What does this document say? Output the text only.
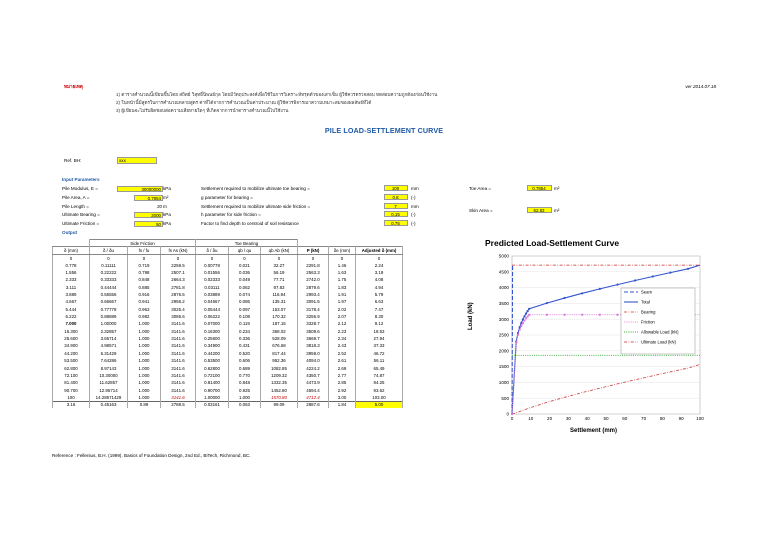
หมายเหตุ	ver 2014.07.18
1) ตารางคำนวณนี้เขียนขึ้นโดย สถิตย์ วิสุทธิ์นิพนธ์กุล โดยมีวัตถุประสงค์เพื่อใช้ในการวิเคราะห์ทรุดตัวของเสาเข็ม ผู้ใช้ควรตรวจสอบ ทดสอบความถูกต้องก่อนใช้งาน
2) ในหน้านี้มีสูตรในการคำนวณหลายสูตร ค่าที่ได้จากการคำนวณเป็นค่าประมาณ ผู้ใช้ควรพิจารณาความเหมาะสมของผลลัพธ์ที่ได้
3) ผู้เขียนจะไม่รับผิดชอบต่อความเสียหายใดๆ ที่เกิดจากการนำตารางคำนวณนี้ไปใช้งาน
PILE LOAD-SETTLEMENT CURVE
Ref. BH:	xxx
Input Parameters
Pile Modulus, E =	30000000 kPa
Pile Area, A =	0.7854 m²
Pile Length =	20 m
Ultimate Bearing =	2000 kPa
Ultimate Friction =	50 kPa
Output
Settlement required to mobilize ultimate toe bearing =	100	mm
g parameter for bearing =	0.8	(-)
Settlement required to mobilize ultimate side friction =	7	mm
h parameter for side friction =	0.15	(-)
Factor to find depth to centroid of soil resistance	0.75	(-)
Toe Area =	0.7854	m²
Skin Area =	62.83	m²
	Side Friction			Toe Bearing					
δ (mm)	δ / δu	fs / fu	fs As (kN)	δ / δu	qb / qu	qb Ab (kN)	P (kN)	δe (mm)	Adjusted δ (mm)
0	0	0	0	0	0	0	0	0	0
0.778	0.11111	0.719	2259.5	0.00778	0.021	32.27	2291.8	1.46	2.24
1.556	0.22222	0.798	2507.1	0.01556	0.036	56.19	2563.3	1.63	3.19
2.333	0.33333	0.848	2664.3	0.02333	0.049	77.71	2742.0	1.75	4.08
3.111	0.44444	0.885	2781.8	0.03111	0.062	97.83	2879.6	1.83	4.94
3.889	0.55556	0.916	2876.5	0.03889	0.074	116.94	2993.4	1.91	5.79
4.667	0.66667	0.941	2956.2	0.04667	0.086	135.31	3091.5	1.97	6.63
5.444	0.77778	0.963	3025.4	0.05444	0.097	153.07	3178.4	2.02	7.47
6.222	0.88889	0.982	3086.6	0.06222	0.108	170.32	3256.9	2.07	8.30
7.000	1.00000	1.000	3141.6	0.07000	0.119	187.15	3328.7	2.12	9.12
16.300	2.32857	1.000	3141.6	0.16300	0.234	368.02	3509.6	2.23	18.53
25.600	3.65714	1.000	3141.6	0.25600	0.336	528.09	3669.7	2.34	27.94
34.900	4.98571	1.000	3141.6	0.34900	0.431	676.68	3818.3	2.43	37.33
44.200	6.31429	1.000	3141.6	0.44200	0.520	817.44	3959.0	2.52	46.72
53.500	7.64286	1.000	3141.6	0.53500	0.606	952.36	4094.0	2.61	56.11
62.800	8.97143	1.000	3141.6	0.62800	0.689	1082.85	4224.2	2.69	65.49
72.100	10.30000	1.000	3141.6	0.72100	0.770	1209.32	4350.7	2.77	74.87
81.400	11.62857	1.000	3141.6	0.81400	0.848	1332.35	4473.9	2.85	84.25
90.700	12.95714	1.000	3141.6	0.90700	0.925	1452.80	4594.4	2.92	93.62
100	14.28571429	1.000	3141.6	1.00000	1.000	1570.80	4712.4	3.00	103.00
3.16	0.45163	0.89	2788.5	0.03161	0.063	99.09	2887.6	1.84	5.00
Reference : Fellenius, B.H. (1999). Basics of Foundation Design, 2nd Ed., BiTech, Richmond, BC.
Predicted Load-Settlement Curve
0
500
1000
1500
2000
2500
3000
3500
4000
4500
5000
0	10	20	30	40	50	60	70	80	90	100
Seam
Total
Bearing
Friction
Allowable Load (kN)
Ultimate Load (kN)
Settlement (mm)
Load (kN)
